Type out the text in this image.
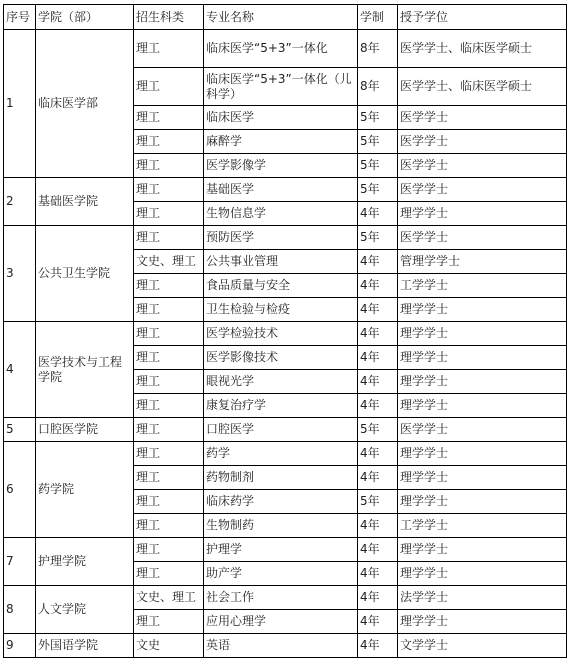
序号	学院（部）	招生科类	专业名称	学制	授予学位
1	临床医学部	理工	临床医学“5+3”一体化	8年	医学学士、临床医学硕士
		理工	临床医学“5+3”一体化（儿科学）	8年	医学学士、临床医学硕士
		理工	临床医学	5年	医学学士
		理工	麻醉学	5年	医学学士
		理工	医学影像学	5年	医学学士
2	基础医学院	理工	基础医学	5年	医学学士
		理工	生物信息学	4年	理学学士
3	公共卫生学院	理工	预防医学	5年	医学学士
		文史、理工	公共事业管理	4年	管理学学士
		理工	食品质量与安全	4年	工学学士
		理工	卫生检验与检疫	4年	理学学士
4	医学技术与工程学院	理工	医学检验技术	4年	理学学士
		理工	医学影像技术	4年	理学学士
		理工	眼视光学	4年	理学学士
		理工	康复治疗学	4年	理学学士
5	口腔医学院	理工	口腔医学	5年	医学学士
6	药学院	理工	药学	4年	理学学士
		理工	药物制剂	4年	理学学士
		理工	临床药学	5年	理学学士
		理工	生物制药	4年	工学学士
7	护理学院	理工	护理学	4年	理学学士
		理工	助产学	4年	理学学士
8	人文学院	文史、理工	社会工作	4年	法学学士
		理工	应用心理学	4年	理学学士
9	外国语学院	文史	英语	4年	文学学士
